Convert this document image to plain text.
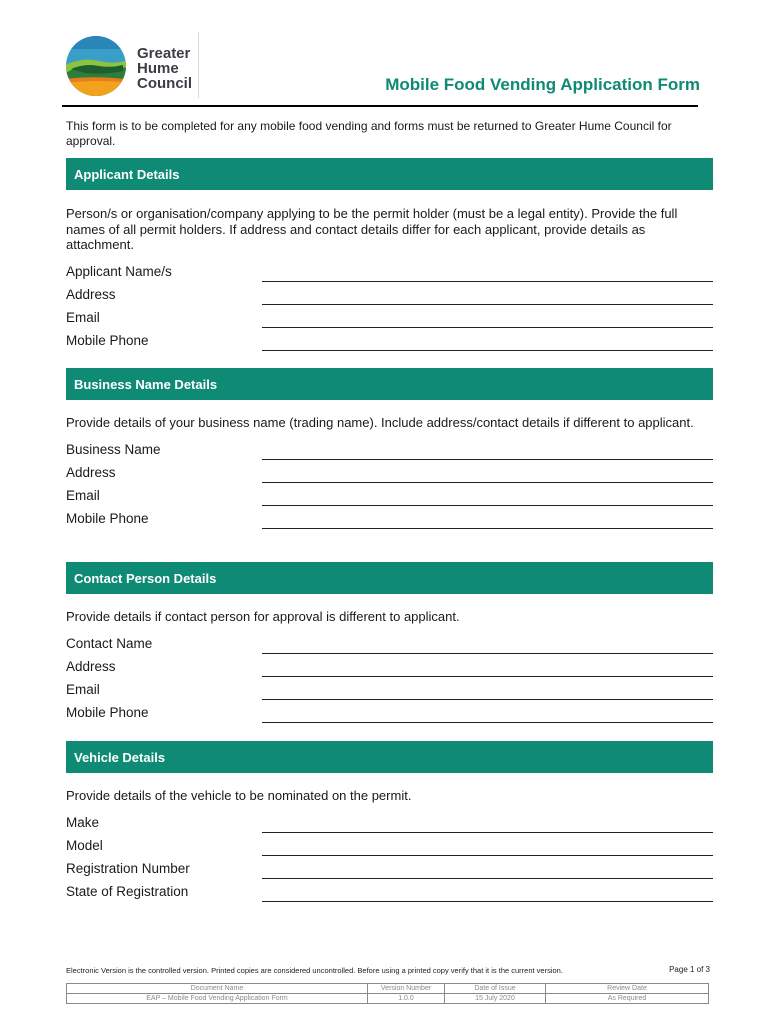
Greater
Hume
Council	Mobile Food Vending Application Form
This form is to be completed for any mobile food vending and forms must be returned to Greater Hume Council for approval.
Applicant Details
Person/s or organisation/company applying to be the permit holder (must be a legal entity). Provide the full names of all permit holders. If address and contact details differ for each applicant, provide details as attachment.
Applicant Name/s
Address
Email
Mobile Phone
Business Name Details
Provide details of your business name (trading name). Include address/contact details if different to applicant.
Business Name
Address
Email
Mobile Phone
Contact Person Details
Provide details if contact person for approval is different to applicant.
Contact Name
Address
Email
Mobile Phone
Vehicle Details
Provide details of the vehicle to be nominated on the permit.
Make
Model
Registration Number
State of Registration
Electronic Version is the controlled version. Printed copies are considered uncontrolled. Before using a printed copy verify that it is the current version.	Page 1 of 3
Document Name	Version Number	Date of Issue	Review Date
EAP – Mobile Food Vending Application Form	1.0.0	15 July 2020	As Required
